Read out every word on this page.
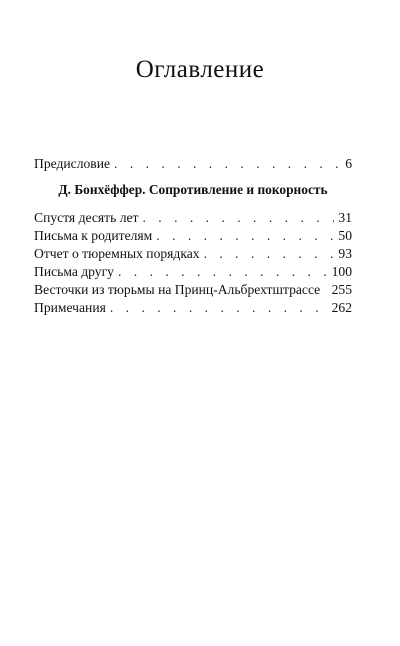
Оглавление
Предисловие . . .	6
Д. Бонхёффер. Сопротивление и покорность
Спустя десять лет . . .	31
Письма к родителям . . .	50
Отчет о тюремных порядках . . .	93
Письма другу . . .	100
Весточки из тюрьмы на Принц-Альбрехтштрассе 255
Примечания . . .	262
